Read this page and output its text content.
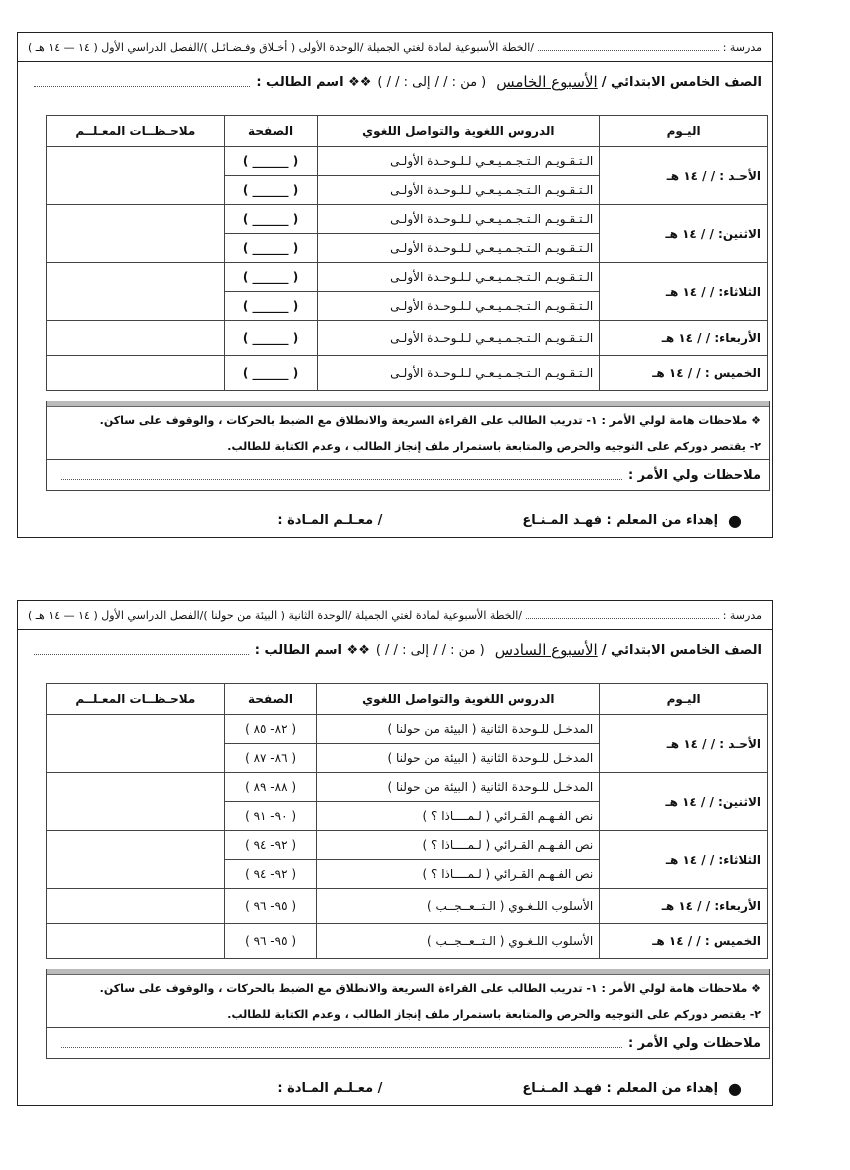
مدرسة :
/الخطة الأسبوعية لمادة لغتي الجميلة /
الوحدة الأولى ( أخـلاق وفـضـائـل )
/الفصل الدراسي الأول ( ١٤ — ١٤ هـ )
الصف الخامس الابتدائي /
الأسبوع الخامس
( من : / / إلى : / / )
❖❖ اسم الطالب :
اليـوم	الدروس اللغوية والتواصل اللغوي	الصفحة	ملاحـظــات المعـلــم
الأحـد : / / ١٤ هـ	الـتـقـويـم الـتـجـمـيـعـي لـلـوحـدة الأولـى	( ______ )	
	الـتـقـويـم الـتـجـمـيـعـي لـلـوحـدة الأولـى	( ______ )	
الاثنين: / / ١٤ هـ	الـتـقـويـم الـتـجـمـيـعـي لـلـوحـدة الأولـى	( ______ )	
	الـتـقـويـم الـتـجـمـيـعـي لـلـوحـدة الأولـى	( ______ )	
الثلاثاء: / / ١٤ هـ	الـتـقـويـم الـتـجـمـيـعـي لـلـوحـدة الأولـى	( ______ )	
	الـتـقـويـم الـتـجـمـيـعـي لـلـوحـدة الأولـى	( ______ )	
الأربعاء: / / ١٤ هـ	الـتـقـويـم الـتـجـمـيـعـي لـلـوحـدة الأولـى	( ______ )	
الخميس : / / ١٤ هـ	الـتـقـويـم الـتـجـمـيـعـي لـلـوحـدة الأولـى	( ______ )	
❖ ملاحظات هامة لولي الأمر : ١- تدريب الطالب على القراءة السريعة والانطلاق مع الضبط بالحركات ، والوقوف على ساكن.
٢- يقتصر دوركم على التوجيه والحرص والمتابعة باستمرار ملف إنجاز الطالب ، وعدم الكتابة للطالب.
ملاحظات ولي الأمر :
●
إهداء من المعلم : فهـد المـنـاع
/ معـلـم المـادة :
مدرسة :
/الخطة الأسبوعية لمادة لغتي الجميلة /
الوحدة الثانية ( البيئة من حولنا )
/الفصل الدراسي الأول ( ١٤ — ١٤ هـ )
الصف الخامس الابتدائي /
الأسبوع السادس
( من : / / إلى : / / )
❖❖ اسم الطالب :
اليـوم	الدروس اللغوية والتواصل اللغوي	الصفحة	ملاحـظــات المعـلــم
الأحـد : / / ١٤ هـ	المدخـل للـوحدة الثانية ( البيئة من حولنا )	( ٨٢- ٨٥ )	
	المدخـل للـوحدة الثانية ( البيئة من حولنا )	( ٨٦- ٨٧ )	
الاثنين: / / ١٤ هـ	المدخـل للـوحدة الثانية ( البيئة من حولنا )	( ٨٨- ٨٩ )	
	نص الفـهـم القـرائي ( لـمــــاذا ؟ )	( ٩٠- ٩١ )	
الثلاثاء: / / ١٤ هـ	نص الفـهـم القـرائي ( لـمــــاذا ؟ )	( ٩٢- ٩٤ )	
	نص الفـهـم القـرائي ( لـمــــاذا ؟ )	( ٩٢- ٩٤ )	
الأربعاء: / / ١٤ هـ	الأسلوب اللـغـوي ( الـتــعــجــب )	( ٩٥- ٩٦ )	
الخميس : / / ١٤ هـ	الأسلوب اللـغـوي ( الـتــعــجــب )	( ٩٥- ٩٦ )	
❖ ملاحظات هامة لولي الأمر : ١- تدريب الطالب على القراءة السريعة والانطلاق مع الضبط بالحركات ، والوقوف على ساكن.
٢- يقتصر دوركم على التوجيه والحرص والمتابعة باستمرار ملف إنجاز الطالب ، وعدم الكتابة للطالب.
ملاحظات ولي الأمر :
●
إهداء من المعلم : فهـد المـنـاع
/ معـلـم المـادة :
